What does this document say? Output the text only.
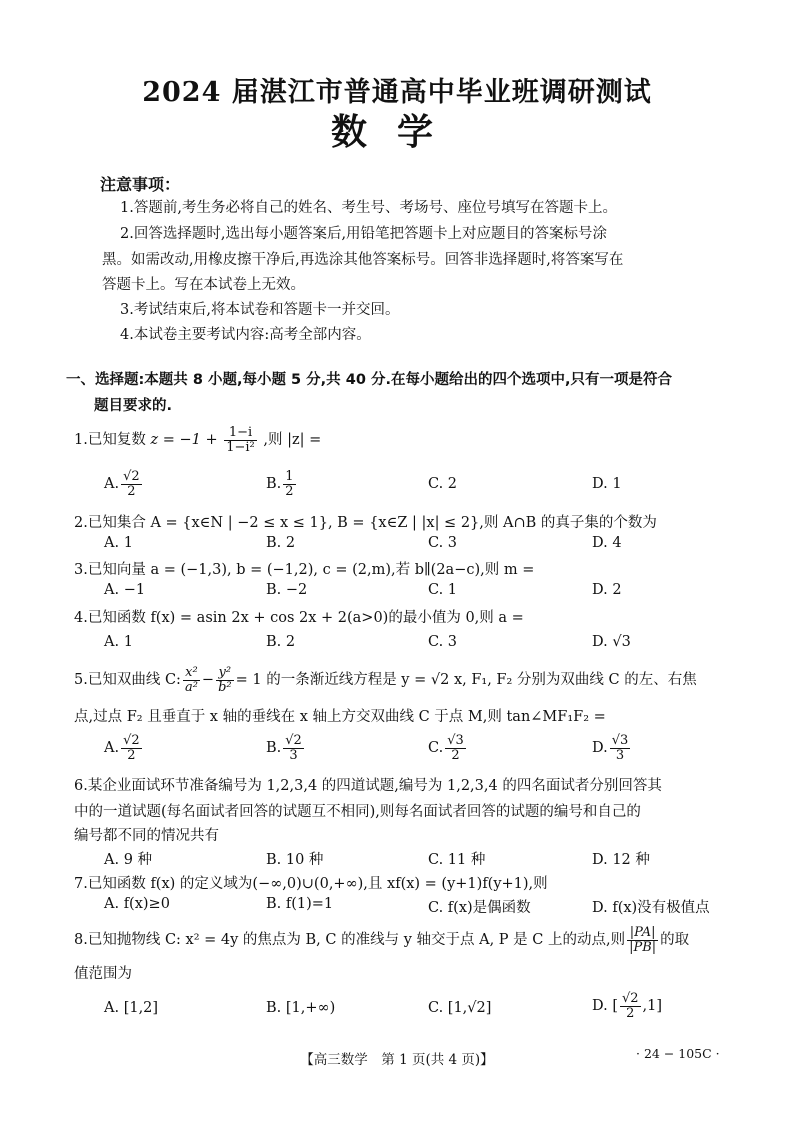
2024 届湛江市普通高中毕业班调研测试
数学
注意事项：
1.答题前,考生务必将自己的姓名、考生号、考场号、座位号填写在答题卡上。
2.回答选择题时,选出每小题答案后,用铅笔把答题卡上对应题目的答案标号涂
黑。如需改动,用橡皮擦干净后,再选涂其他答案标号。回答非选择题时,将答案写在
答题卡上。写在本试卷上无效。
3.考试结束后,将本试卷和答题卡一并交回。
4.本试卷主要考试内容:高考全部内容。
一、选择题:本题共 8 小题,每小题 5 分,共 40 分.在每小题给出的四个选项中,只有一项是符合
题目要求的.
1.已知复数 $z = -1 + \frac{1-i}{\text{1−i²}}$ ,则 |z| =
A. $\frac{√2}{2}$	B. $\frac{1}{2}$	C. 2	D. 1
2.已知集合 A = {x∈N | −2 ≤ x ≤ 1}, B = {x∈Z | |x| ≤ 2},则 A∩B 的真子集的个数为
A. 1	B. 2	C. 3	D. 4
3.已知向量 a = (−1,3), b = (−1,2), c = (2,m),若 b∥(2a−c),则 m =
A. −1	B. −2	C. 1	D. 2
4.已知函数 f(x) = asin 2x + cos 2x + 2(a>0)的最小值为 0,则 a =
A. 1	B. 2	C. 3	D. √3
5.已知双曲线 C: $\frac{\text{x²}}{\text{a²}} - \frac{\text{y²}}{\text{b²}} = 1$ 的一条渐近线方程是 y = √2 x, F₁, F₂ 分别为双曲线 C 的左、右焦
点,过点 F₂ 且垂直于 x 轴的垂线在 x 轴上方交双曲线 C 于点 M,则 tan∠MF₁F₂ =
A. $\frac{√2}{2}$	B. $\frac{√2}{3}$	C. $\frac{√3}{2}$	D. $\frac{√3}{3}$
6.某企业面试环节准备编号为 1,2,3,4 的四道试题,编号为 1,2,3,4 的四名面试者分别回答其
中的一道试题(每名面试者回答的试题互不相同),则每名面试者回答的试题的编号和自己的
编号都不同的情况共有
A. 9 种	B. 10 种	C. 11 种	D. 12 种
7.已知函数 f(x) 的定义域为(−∞,0)∪(0,+∞),且 xf(x) = (y+1)f(y+1),则
A. f(x)≥0	B. f(1)=1	C. f(x)是偶函数	D. f(x)没有极值点
8.已知抛物线 C: x² = 4y 的焦点为 B, C 的准线与 y 轴交于点 A, P 是 C 上的动点,则 $\frac{|PA|}{|PB|}$ 的取
值范围为
A. [1,2]	B. [1,+∞)	C. [1,√2]	D. [ $\frac{√2}{2} ,1$]
【高三数学　第 1 页(共 4 页)】	· 24 − 105C ·
